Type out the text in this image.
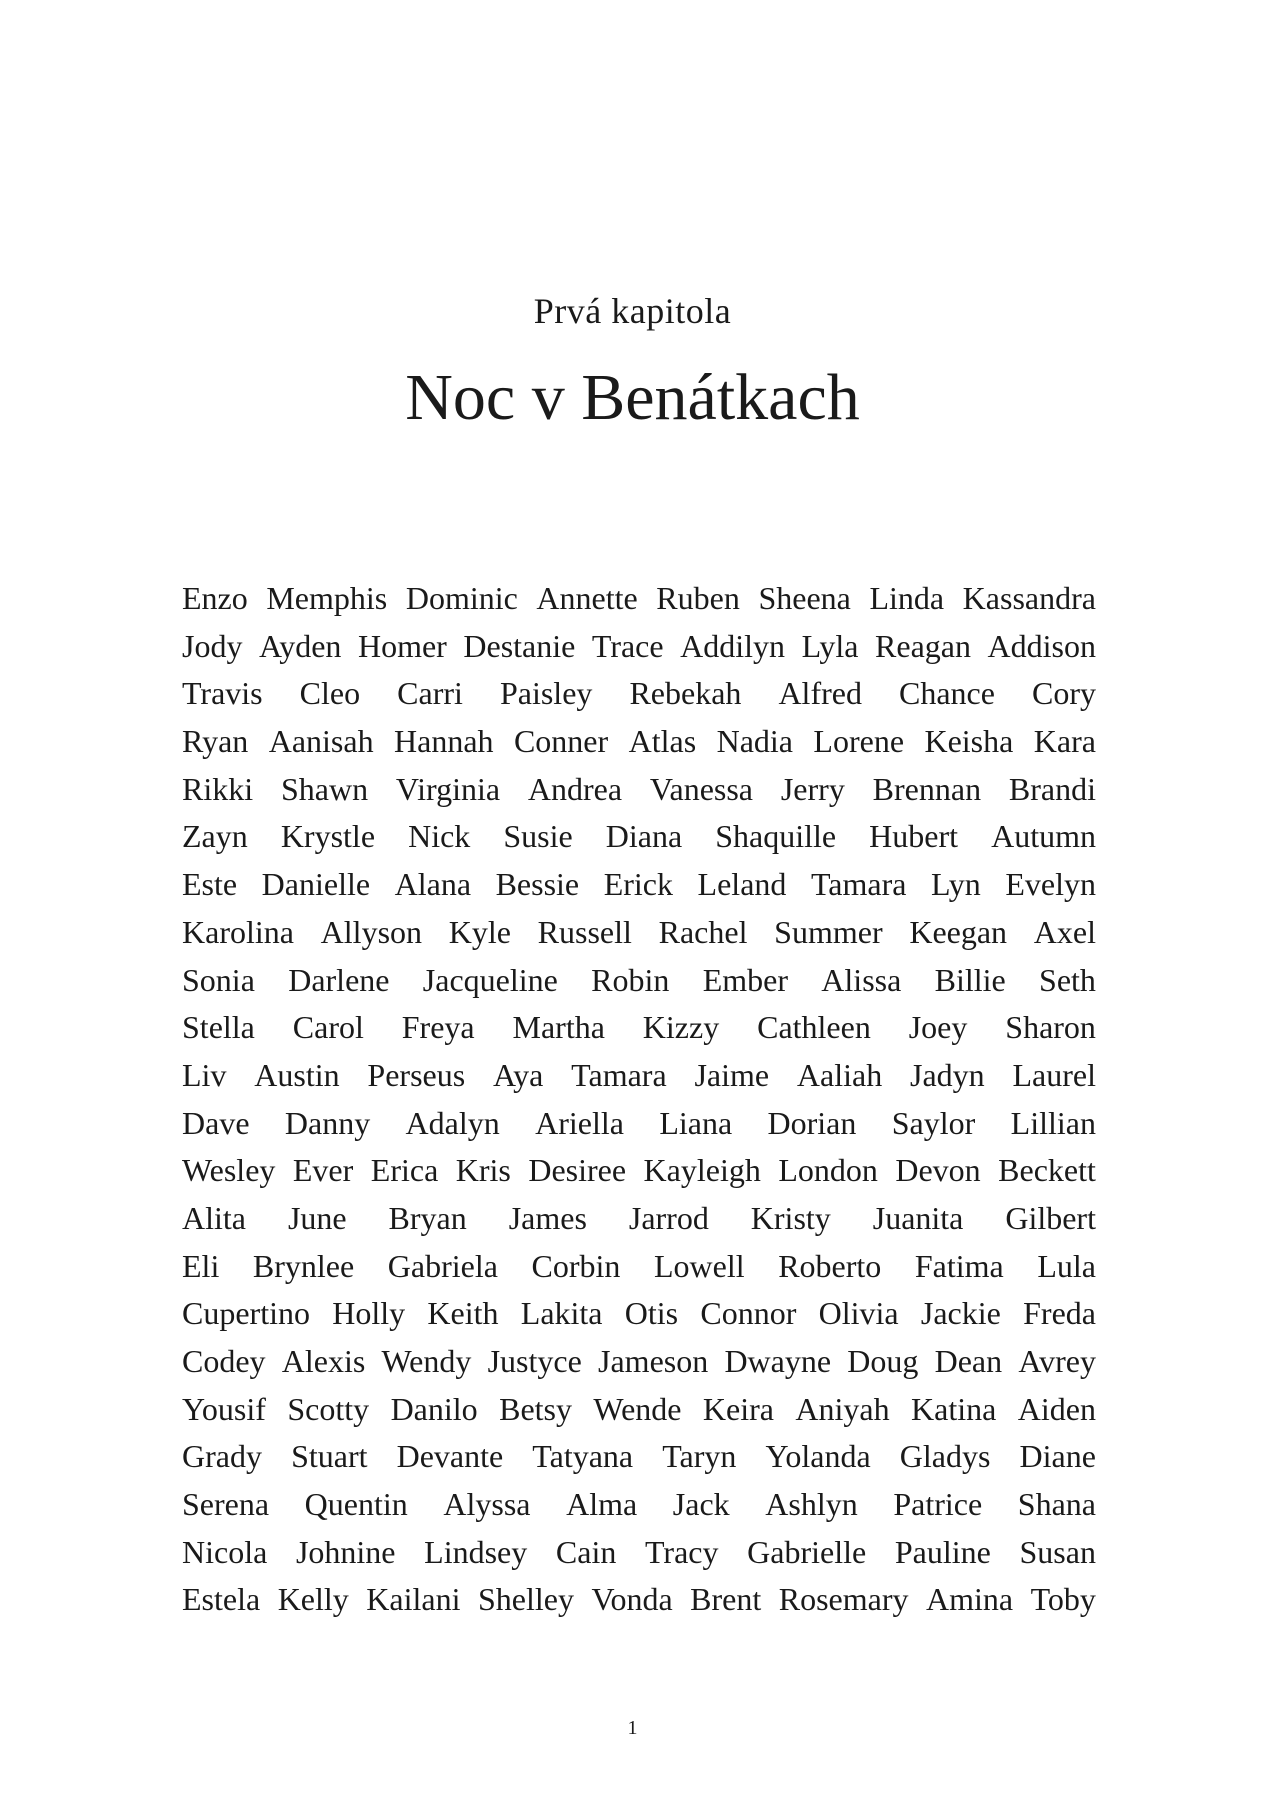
Prvá kapitola
Noc v Benátkach
Enzo Memphis Dominic Annette Ruben Sheena Linda Kassandra
Jody Ayden Homer Destanie Trace Addilyn Lyla Reagan Addison
Travis Cleo Carri Paisley Rebekah Alfred Chance Cory
Ryan Aanisah Hannah Conner Atlas Nadia Lorene Keisha Kara
Rikki Shawn Virginia Andrea Vanessa Jerry Brennan Brandi
Zayn Krystle Nick Susie Diana Shaquille Hubert Autumn
Este Danielle Alana Bessie Erick Leland Tamara Lyn Evelyn
Karolina Allyson Kyle Russell Rachel Summer Keegan Axel
Sonia Darlene Jacqueline Robin Ember Alissa Billie Seth
Stella Carol Freya Martha Kizzy Cathleen Joey Sharon
Liv Austin Perseus Aya Tamara Jaime Aaliah Jadyn Laurel
Dave Danny Adalyn Ariella Liana Dorian Saylor Lillian
Wesley Ever Erica Kris Desiree Kayleigh London Devon Beckett
Alita June Bryan James Jarrod Kristy Juanita Gilbert
Eli Brynlee Gabriela Corbin Lowell Roberto Fatima Lula
Cupertino Holly Keith Lakita Otis Connor Olivia Jackie Freda
Codey Alexis Wendy Justyce Jameson Dwayne Doug Dean Avrey
Yousif Scotty Danilo Betsy Wende Keira Aniyah Katina Aiden
Grady Stuart Devante Tatyana Taryn Yolanda Gladys Diane
Serena Quentin Alyssa Alma Jack Ashlyn Patrice Shana
Nicola Johnine Lindsey Cain Tracy Gabrielle Pauline Susan
Estela Kelly Kailani Shelley Vonda Brent Rosemary Amina Toby
1
